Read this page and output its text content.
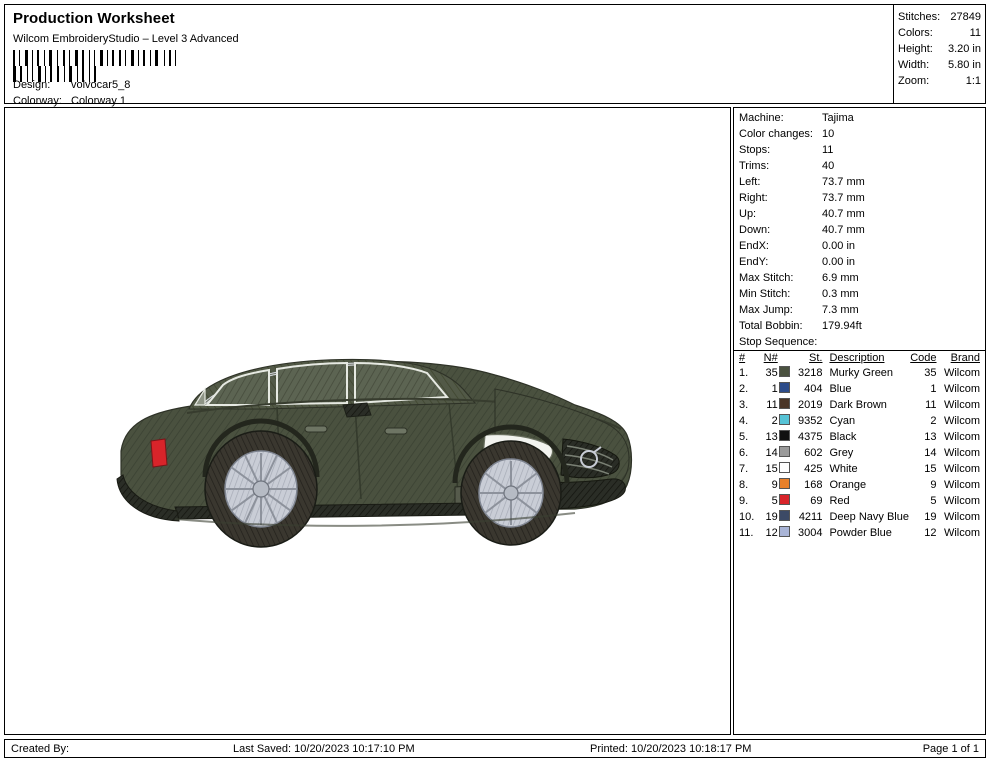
Production Worksheet
Wilcom EmbroideryStudio – Level 3 Advanced

Design: volvocar5_8
Colorway: Colorway 1
Stitches: 27849
Colors:	11
Height: 3.20 in
Width: 5.80 in
Zoom:	1:1
Machine:	Tajima
Color changes: 10
Stops:	11
Trims:	40
Left:	73.7 mm
Right:	73.7 mm
Up:	40.7 mm
Down:	40.7 mm
EndX:	0.00 in
EndY:	0.00 in
Max Stitch:	6.9 mm
Min Stitch:	0.3 mm
Max Jump:	7.3 mm
Total Bobbin: 179.94ft
Stop Sequence:
#	N#		St.	Description	Code	Brand
1.	35		3218	Murky Green	35	Wilcom
2.	1		404	Blue	1	Wilcom
3.	11		2019	Dark Brown	11	Wilcom
4.	2		9352	Cyan	2	Wilcom
5.	13		4375	Black	13	Wilcom
6.	14		602	Grey	14	Wilcom
7.	15		425	White	15	Wilcom
8.	9		168	Orange	9	Wilcom
9.	5		69	Red	5	Wilcom
10.	19		4211	Deep Navy Blue	19	Wilcom
11.	12		3004	Powder Blue	12	Wilcom
Created By:	Last Saved: 10/20/2023 10:17:10 PM	Printed: 10/20/2023 10:18:17 PM	Page 1 of 1
